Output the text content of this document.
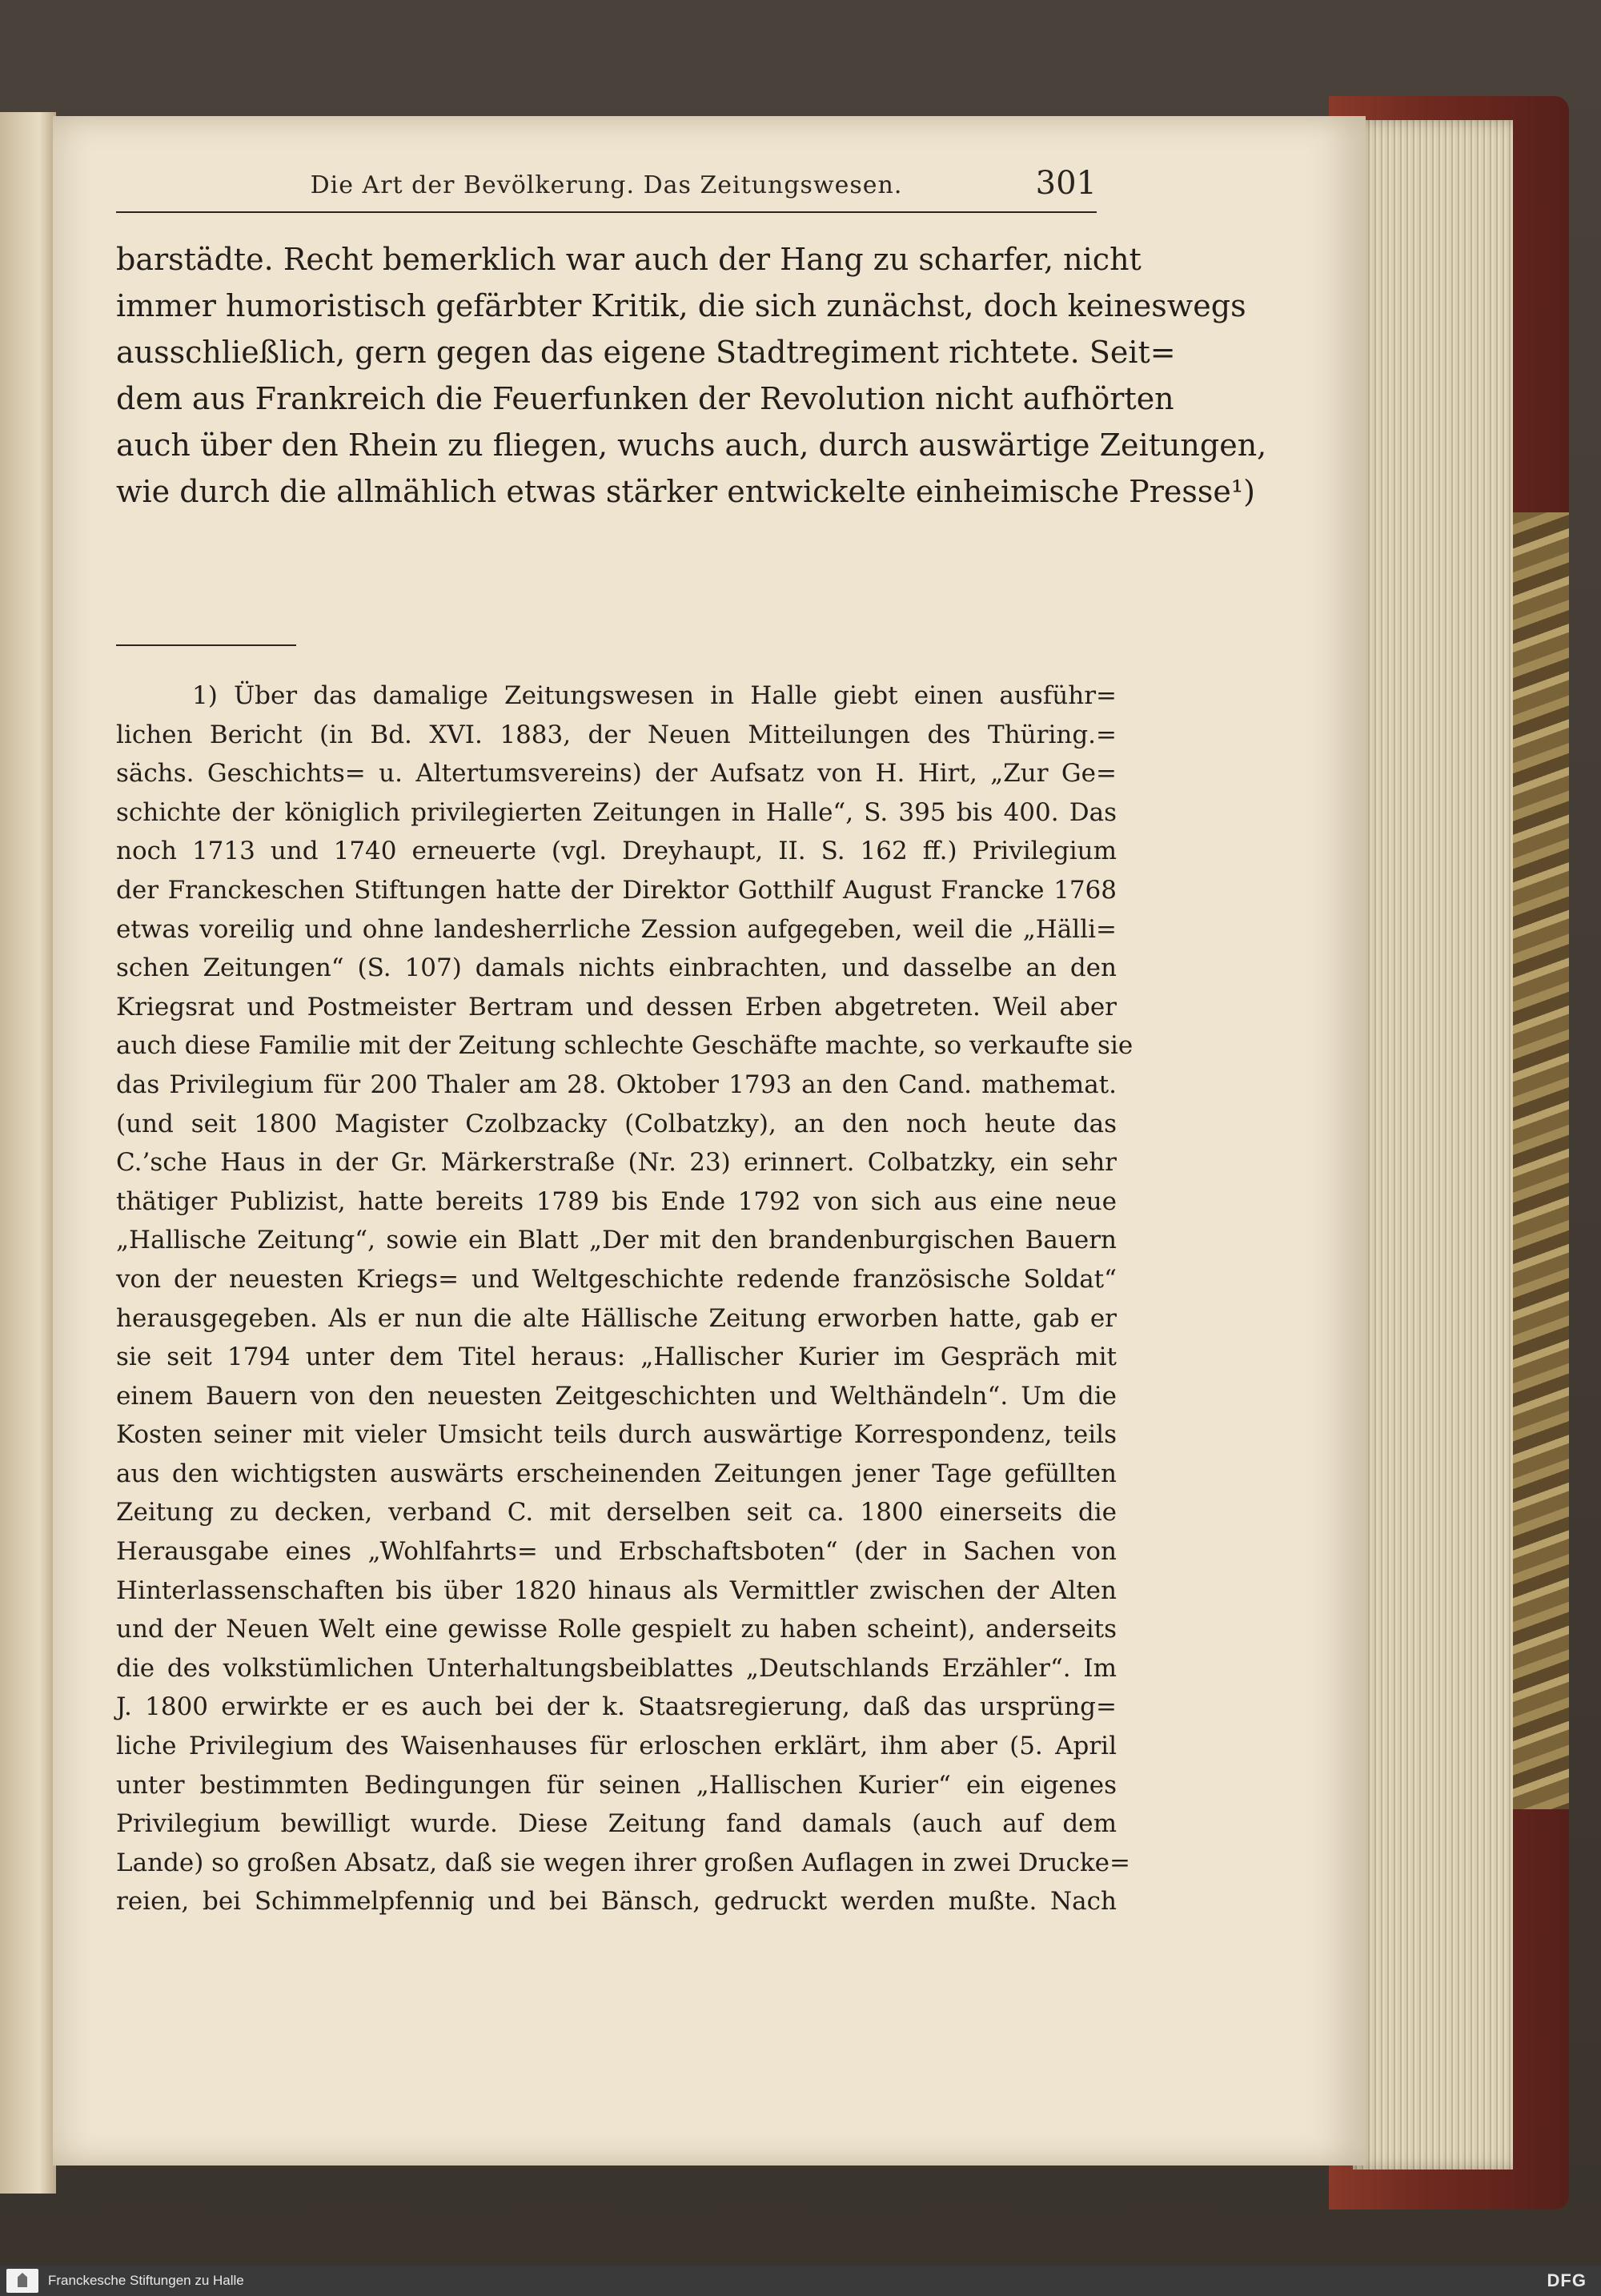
Die Art der Bevölkerung. Das Zeitungswesen.	301
barstädte. Recht bemerklich war auch der Hang zu scharfer, nicht
immer humoristisch gefärbter Kritik, die sich zunächst, doch keineswegs
ausschließlich, gern gegen das eigene Stadtregiment richtete. Seit=
dem aus Frankreich die Feuerfunken der Revolution nicht aufhörten
auch über den Rhein zu fliegen, wuchs auch, durch auswärtige Zeitungen,
wie durch die allmählich etwas stärker entwickelte einheimische Presse¹)
1) Über das damalige Zeitungswesen in Halle giebt einen ausführ=
lichen Bericht (in Bd. XVI. 1883, der Neuen Mitteilungen des Thüring.=
sächs. Geschichts= u. Altertumsvereins) der Aufsatz von H. Hirt, „Zur Ge=
schichte der königlich privilegierten Zeitungen in Halle“, S. 395 bis 400. Das
noch 1713 und 1740 erneuerte (vgl. Dreyhaupt, II. S. 162 ff.) Privilegium
der Franckeschen Stiftungen hatte der Direktor Gotthilf August Francke 1768
etwas voreilig und ohne landesherrliche Zession aufgegeben, weil die „Hälli=
schen Zeitungen“ (S. 107) damals nichts einbrachten, und dasselbe an den
Kriegsrat und Postmeister Bertram und dessen Erben abgetreten. Weil aber
auch diese Familie mit der Zeitung schlechte Geschäfte machte, so verkaufte sie
das Privilegium für 200 Thaler am 28. Oktober 1793 an den Cand. mathemat.
(und seit 1800 Magister Czolbzacky (Colbatzky), an den noch heute das
C.’sche Haus in der Gr. Märkerstraße (Nr. 23) erinnert. Colbatzky, ein sehr
thätiger Publizist, hatte bereits 1789 bis Ende 1792 von sich aus eine neue
„Hallische Zeitung“, sowie ein Blatt „Der mit den brandenburgischen Bauern
von der neuesten Kriegs= und Weltgeschichte redende französische Soldat“
herausgegeben. Als er nun die alte Hällische Zeitung erworben hatte, gab er
sie seit 1794 unter dem Titel heraus: „Hallischer Kurier im Gespräch mit
einem Bauern von den neuesten Zeitgeschichten und Welthändeln“. Um die
Kosten seiner mit vieler Umsicht teils durch auswärtige Korrespondenz, teils
aus den wichtigsten auswärts erscheinenden Zeitungen jener Tage gefüllten
Zeitung zu decken, verband C. mit derselben seit ca. 1800 einerseits die
Herausgabe eines „Wohlfahrts= und Erbschaftsboten“ (der in Sachen von
Hinterlassenschaften bis über 1820 hinaus als Vermittler zwischen der Alten
und der Neuen Welt eine gewisse Rolle gespielt zu haben scheint), anderseits
die des volkstümlichen Unterhaltungsbeiblattes „Deutschlands Erzähler“. Im
J. 1800 erwirkte er es auch bei der k. Staatsregierung, daß das ursprüng=
liche Privilegium des Waisenhauses für erloschen erklärt, ihm aber (5. April
unter bestimmten Bedingungen für seinen „Hallischen Kurier“ ein eigenes
Privilegium bewilligt wurde. Diese Zeitung fand damals (auch auf dem
Lande) so großen Absatz, daß sie wegen ihrer großen Auflagen in zwei Drucke=
reien, bei Schimmelpfennig und bei Bänsch, gedruckt werden mußte. Nach
Franckesche Stiftungen zu Halle	DFG
